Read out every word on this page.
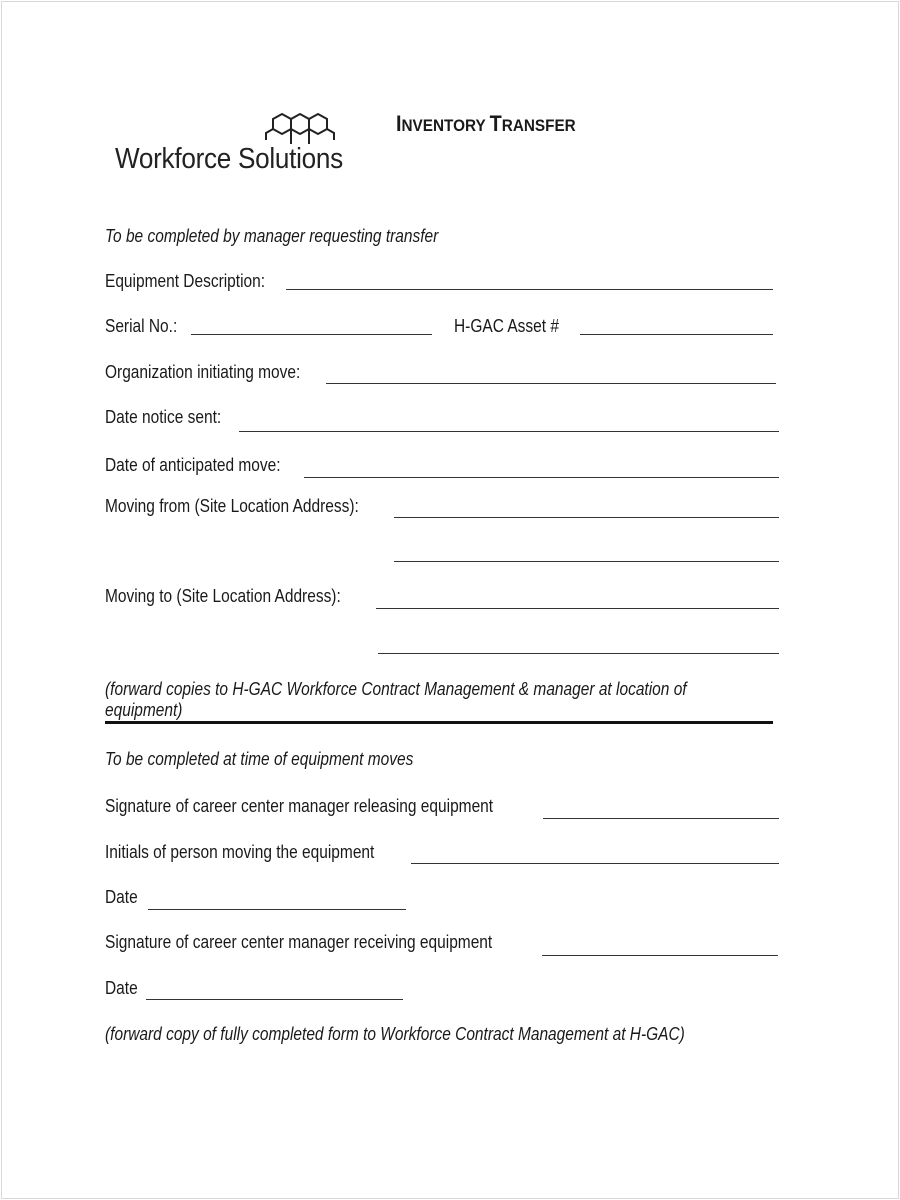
Workforce Solutions
INVENTORY TRANSFER
To be completed by manager requesting transfer
Equipment Description:
Serial No.:	H-GAC Asset #
Organization initiating move:
Date notice sent:
Date of anticipated move:
Moving from (Site Location Address):
Moving to (Site Location Address):
(forward copies to H-GAC Workforce Contract Management & manager at location of
equipment)
To be completed at time of equipment moves
Signature of career center manager releasing equipment
Initials of person moving the equipment
Date
Signature of career center manager receiving equipment
Date
(forward copy of fully completed form to Workforce Contract Management at H-GAC)
